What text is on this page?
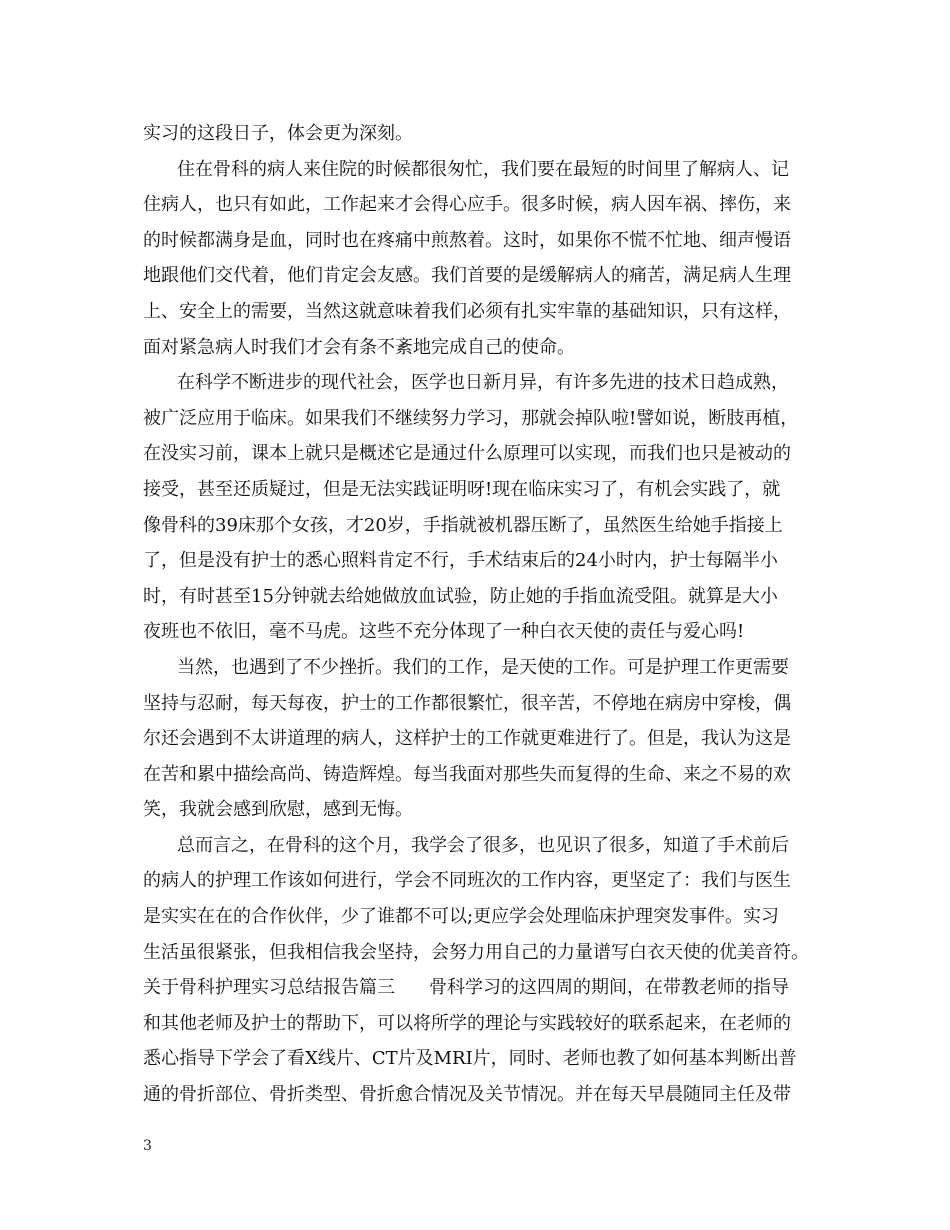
实习的这段日子，体会更为深刻。
住在骨科的病人来住院的时候都很匆忙，我们要在最短的时间里了解病人、记
住病人，也只有如此，工作起来才会得心应手。很多时候，病人因车祸、摔伤，来
的时候都满身是血，同时也在疼痛中煎熬着。这时，如果你不慌不忙地、细声慢语
地跟他们交代着，他们肯定会友感。我们首要的是缓解病人的痛苦，满足病人生理
上、安全上的需要，当然这就意味着我们必须有扎实牢靠的基础知识，只有这样，
面对紧急病人时我们才会有条不紊地完成自己的使命。
在科学不断进步的现代社会，医学也日新月异，有许多先进的技术日趋成熟，
被广泛应用于临床。如果我们不继续努力学习，那就会掉队啦!譬如说，断肢再植，
在没实习前，课本上就只是概述它是通过什么原理可以实现，而我们也只是被动的
接受，甚至还质疑过，但是无法实践证明呀!现在临床实习了，有机会实践了，就
像骨科的39床那个女孩，才20岁，手指就被机器压断了，虽然医生给她手指接上
了，但是没有护士的悉心照料肯定不行，手术结束后的24小时内，护士每隔半小
时，有时甚至15分钟就去给她做放血试验，防止她的手指血流受阻。就算是大小
夜班也不依旧，毫不马虎。这些不充分体现了一种白衣天使的责任与爱心吗!
当然，也遇到了不少挫折。我们的工作，是天使的工作。可是护理工作更需要
坚持与忍耐，每天每夜，护士的工作都很繁忙，很辛苦，不停地在病房中穿梭，偶
尔还会遇到不太讲道理的病人，这样护士的工作就更难进行了。但是，我认为这是
在苦和累中描绘高尚、铸造辉煌。每当我面对那些失而复得的生命、来之不易的欢
笑，我就会感到欣慰，感到无悔。
总而言之，在骨科的这个月，我学会了很多，也见识了很多，知道了手术前后
的病人的护理工作该如何进行，学会不同班次的工作内容，更坚定了：我们与医生
是实实在在的合作伙伴，少了谁都不可以;更应学会处理临床护理突发事件。实习
生活虽很紧张，但我相信我会坚持，会努力用自己的力量谱写白衣天使的优美音符。
关于骨科护理实习总结报告篇三 骨科学习的这四周的期间，在带教老师的指导
和其他老师及护士的帮助下，可以将所学的理论与实践较好的联系起来，在老师的
悉心指导下学会了看X线片、CT片及MRI片，同时、老师也教了如何基本判断出普
通的骨折部位、骨折类型、骨折愈合情况及关节情况。并在每天早晨随同主任及带
3
